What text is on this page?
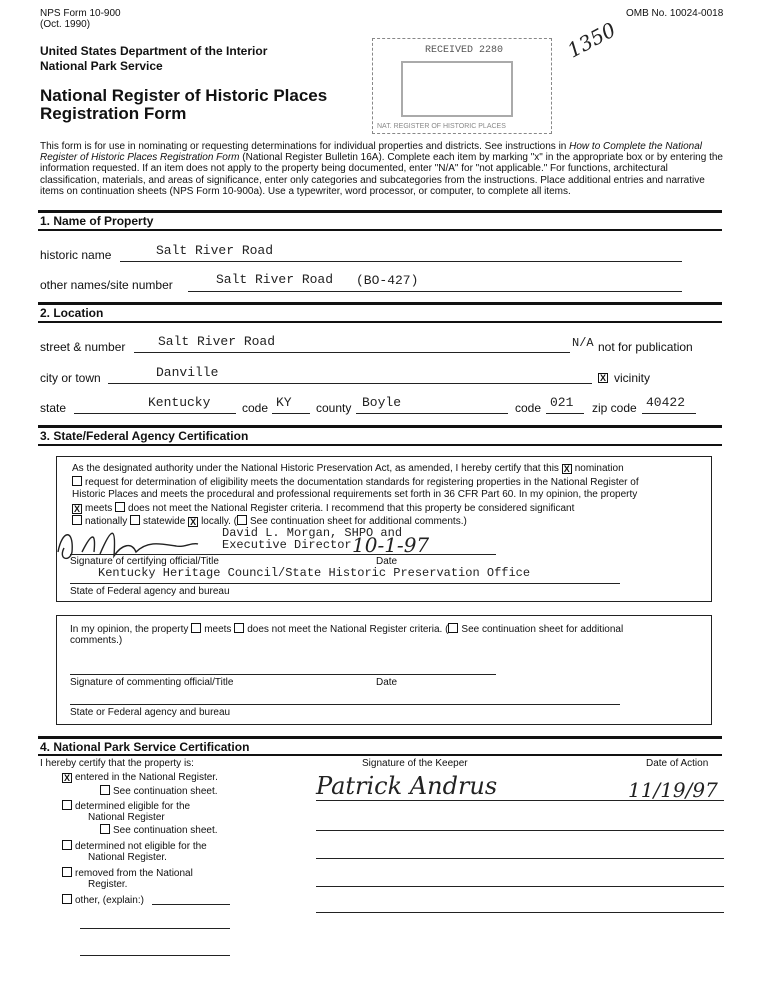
NPS Form 10-900
(Oct. 1990)
OMB No. 10024-0018
United States Department of the Interior
National Park Service
National Register of Historic Places
Registration Form
RECEIVED 2280
NAT. REGISTER OF HISTORIC PLACES
1350
This form is for use in nominating or requesting determinations for individual properties and districts. See instructions in How to Complete the National Register of Historic Places Registration Form (National Register Bulletin 16A). Complete each item by marking "x" in the appropriate box or by entering the information requested. If an item does not apply to the property being documented, enter "N/A" for "not applicable." For functions, architectural classification, materials, and areas of significance, enter only categories and subcategories from the instructions. Place additional entries and narrative items on continuation sheets (NPS Form 10-900a). Use a typewriter, word processor, or computer, to complete all items.
1. Name of Property
historic name	Salt River Road
other names/site number	Salt River Road (BO-427)
2. Location
street & number	Salt River Road	N/A not for publication
city or town	Danville	X vicinity
state	Kentucky	code KY county Boyle	code 021 zip code 40422
3. State/Federal Agency Certification
As the designated authority under the National Historic Preservation Act, as amended, I hereby certify that this X nomination
request for determination of eligibility meets the documentation standards for registering properties in the National Register of
Historic Places and meets the procedural and professional requirements set forth in 36 CFR Part 60. In my opinion, the property
X meets does not meet the National Register criteria. I recommend that this property be considered significant
nationally statewide X locally. ( See continuation sheet for additional comments.)
David L. Morgan, SHPO and
Executive Director 10-1-97
Signature of certifying official/Title	Date
Kentucky Heritage Council/State Historic Preservation Office
State of Federal agency and bureau
In my opinion, the property meets does not meet the National Register criteria. ( See continuation sheet for additional
comments.)
Signature of commenting official/Title	Date
State or Federal agency and bureau
4. National Park Service Certification
I hereby certify that the property is:	Signature of the Keeper	Date of Action
X entered in the National Register.
See continuation sheet.
determined eligible for the
National Register
See continuation sheet.
determined not eligible for the
National Register.
removed from the National
Register.
other, (explain:)
Patrick Andrus	11/19/97
